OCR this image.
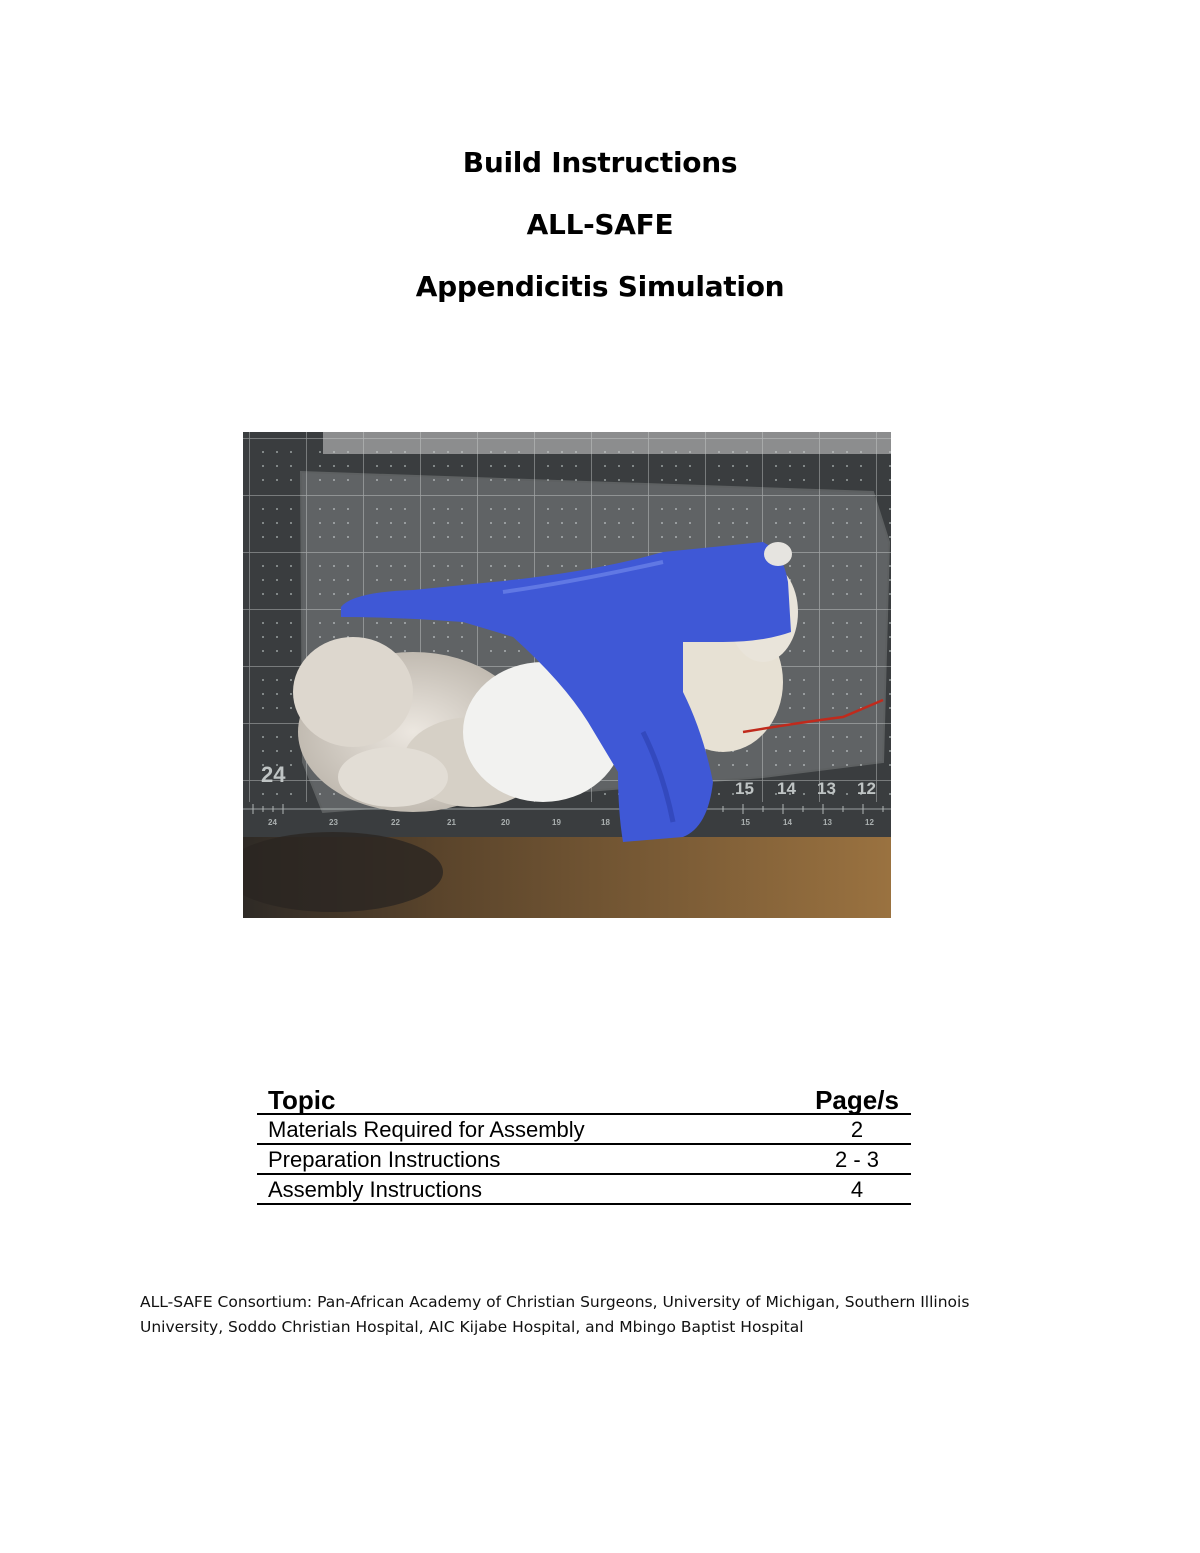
Build Instructions
ALL-SAFE
Appendicitis Simulation
24
15 14 13 12
24	23	22	21	20	19	18	15	14	13	12
Topic	Page/s
Materials Required for Assembly	2
Preparation Instructions	2 - 3
Assembly Instructions	4
ALL-SAFE Consortium: Pan-African Academy of Christian Surgeons, University of Michigan, Southern Illinois
University, Soddo Christian Hospital, AIC Kijabe Hospital, and Mbingo Baptist Hospital
